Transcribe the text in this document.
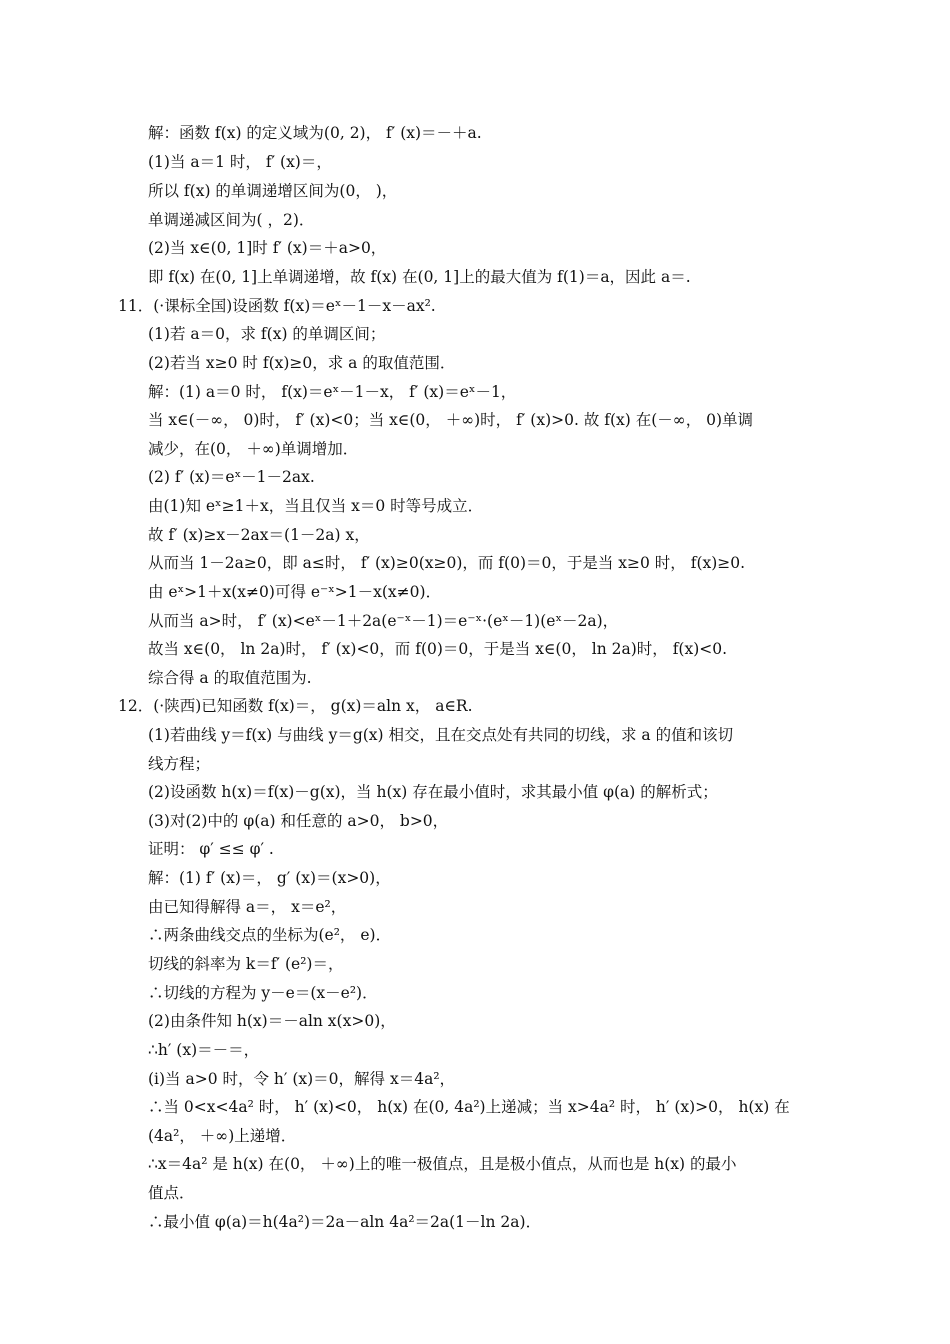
解：函数 f(x) 的定义域为(0, 2)， f′ (x)＝－＋a.
(1)当 a＝1 时， f′ (x)＝，
所以 f(x) 的单调递增区间为(0， )，
单调递减区间为( ，2)．
(2)当 x∈(0, 1]时 f′ (x)＝＋a>0，
即 f(x) 在(0, 1]上单调递增，故 f(x) 在(0, 1]上的最大值为 f(1)＝a，因此 a＝.
11．(·课标全国)设函数 f(x)＝eˣ－1－x－ax².
(1)若 a＝0，求 f(x) 的单调区间；
(2)若当 x≥0 时 f(x)≥0，求 a 的取值范围．
解：(1) a＝0 时， f(x)＝eˣ－1－x， f′ (x)＝eˣ－1，
当 x∈(－∞， 0)时， f′ (x)<0；当 x∈(0， ＋∞)时， f′ (x)>0. 故 f(x) 在(－∞， 0)单调
减少，在(0， ＋∞)单调增加．
(2) f′ (x)＝eˣ－1－2ax.
由(1)知 eˣ≥1＋x，当且仅当 x＝0 时等号成立．
故 f′ (x)≥x－2ax＝(1－2a) x，
从而当 1－2a≥0，即 a≤时， f′ (x)≥0(x≥0)，而 f(0)＝0，于是当 x≥0 时， f(x)≥0.
由 eˣ>1＋x(x≠0)可得 e⁻ˣ>1－x(x≠0)．
从而当 a>时， f′ (x)<eˣ－1＋2a(e⁻ˣ－1)＝e⁻ˣ·(eˣ－1)(eˣ－2a)，
故当 x∈(0， ln 2a)时， f′ (x)<0，而 f(0)＝0，于是当 x∈(0， ln 2a)时， f(x)<0.
综合得 a 的取值范围为.
12．(·陕西)已知函数 f(x)＝， g(x)＝aln x， a∈R.
(1)若曲线 y＝f(x) 与曲线 y＝g(x) 相交，且在交点处有共同的切线，求 a 的值和该切
线方程；
(2)设函数 h(x)＝f(x)－g(x)，当 h(x) 存在最小值时，求其最小值 φ(a) 的解析式；
(3)对(2)中的 φ(a) 和任意的 a>0， b>0，
证明： φ′ ≤≤ φ′ .
解：(1) f′ (x)＝， g′ (x)＝(x>0)，
由已知得解得 a＝， x＝e²，
∴两条曲线交点的坐标为(e²， e)．
切线的斜率为 k＝f′ (e²)＝，
∴切线的方程为 y－e＝(x－e²)．
(2)由条件知 h(x)＝－aln x(x>0)，
∴h′ (x)＝－＝，
(i)当 a>0 时，令 h′ (x)＝0，解得 x＝4a²，
∴当 0<x<4a² 时， h′ (x)<0， h(x) 在(0, 4a²)上递减；当 x>4a² 时， h′ (x)>0， h(x) 在
(4a²， ＋∞)上递增．
∴x＝4a² 是 h(x) 在(0， ＋∞)上的唯一极值点，且是极小值点，从而也是 h(x) 的最小
值点．
∴最小值 φ(a)＝h(4a²)＝2a－aln 4a²＝2a(1－ln 2a)．
